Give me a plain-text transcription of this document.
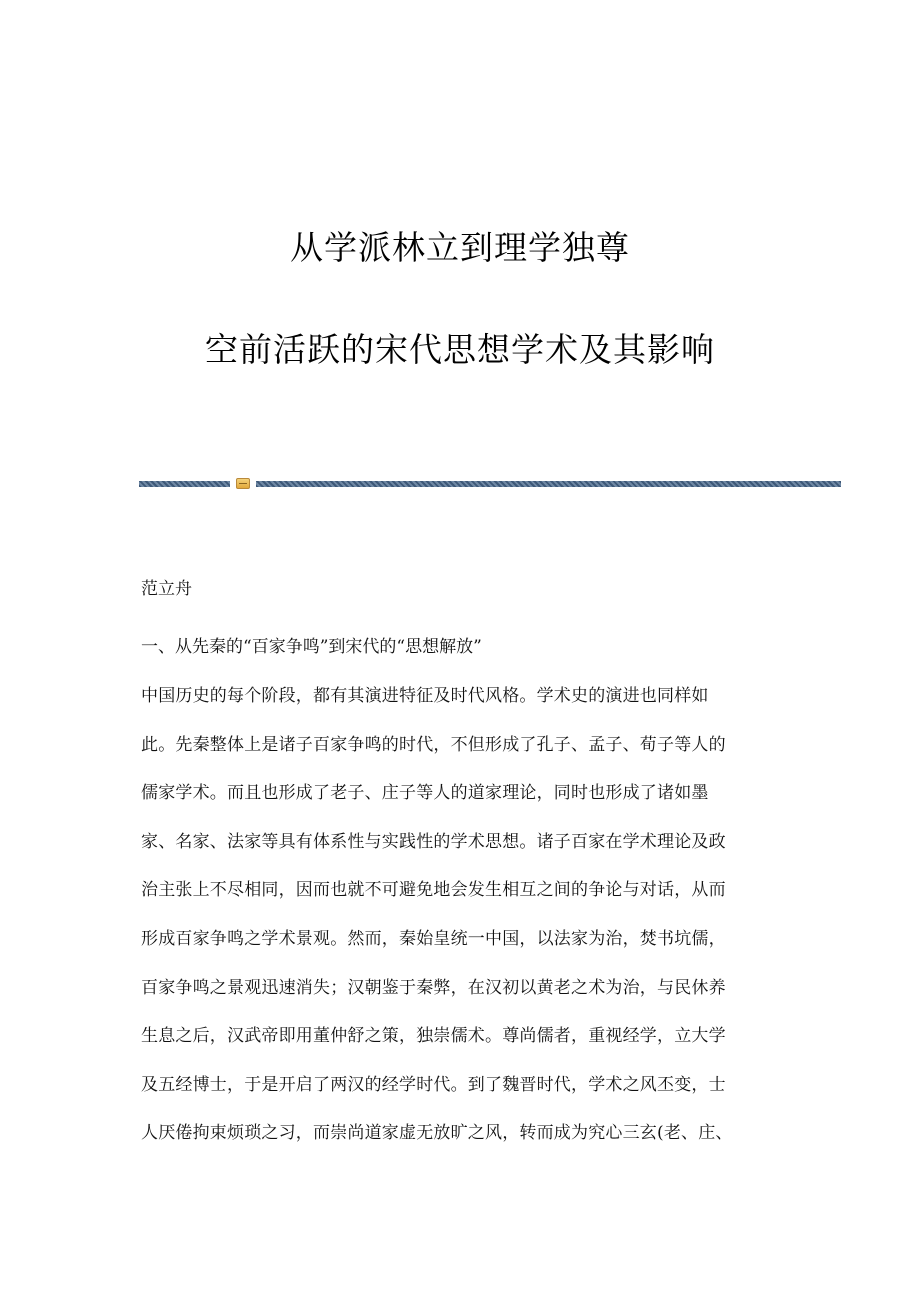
从学派林立到理学独尊
空前活跃的宋代思想学术及其影响
范立舟
一、从先秦的“百家争鸣”到宋代的“思想解放”
中国历史的每个阶段，都有其演进特征及时代风格。学术史的演进也同样如
此。先秦整体上是诸子百家争鸣的时代，不但形成了孔子、孟子、荀子等人的
儒家学术。而且也形成了老子、庄子等人的道家理论，同时也形成了诸如墨
家、名家、法家等具有体系性与实践性的学术思想。诸子百家在学术理论及政
治主张上不尽相同，因而也就不可避免地会发生相互之间的争论与对话，从而
形成百家争鸣之学术景观。然而，秦始皇统一中国，以法家为治，焚书坑儒，
百家争鸣之景观迅速消失；汉朝鉴于秦弊，在汉初以黄老之术为治，与民休养
生息之后，汉武帝即用董仲舒之策，独崇儒术。尊尚儒者，重视经学，立大学
及五经博士，于是开启了两汉的经学时代。到了魏晋时代，学术之风丕变，士
人厌倦拘束烦琐之习，而崇尚道家虚无放旷之风，转而成为究心三玄(老、庄、
